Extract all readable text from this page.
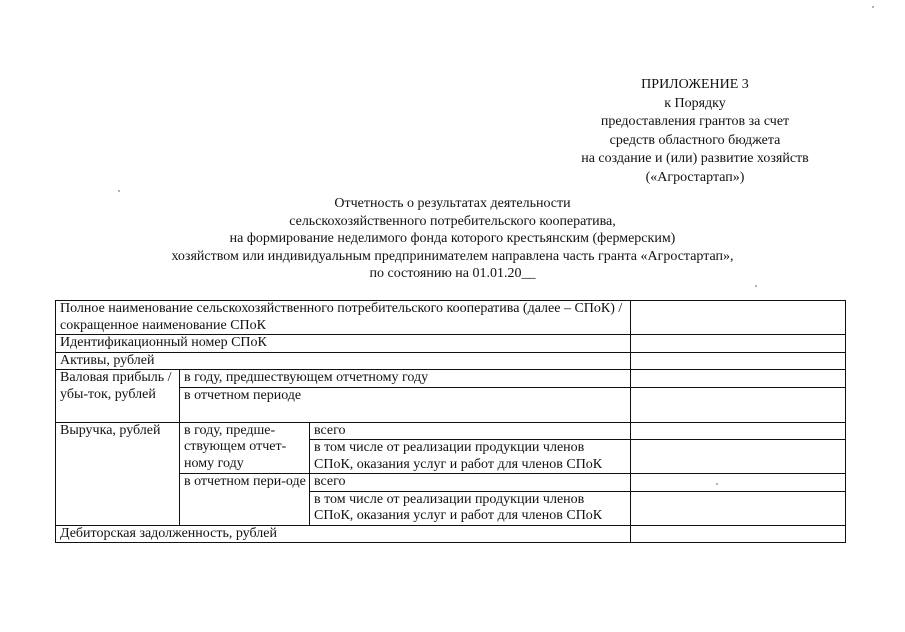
ПРИЛОЖЕНИЕ 3
к Порядку
предоставления грантов за счет
средств областного бюджета
на создание и (или) развитие хозяйств
(«Агростартап»)
Отчетность о результатах деятельности
сельскохозяйственного потребительского кооператива,
на формирование неделимого фонда которого крестьянским (фермерским)
хозяйством или индивидуальным предпринимателем направлена часть гранта «Агростартап»,
по состоянию на 01.01.20__
Полное наименование сельскохозяйственного потребительского кооператива (далее – СПоК) / сокращенное наименование СПоК			
Идентификационный номер СПоК			
Активы, рублей			
Валовая прибыль / убы-ток, рублей	в году, предшествующем отчетному году		
	в отчетном периоде		
Выручка, рублей	в году, предше-ствующем отчет-ному году	всего	
		в том числе от реализации продукции членов СПоК, оказания услуг и работ для членов СПоК	
	в отчетном пери-оде	всего	
		в том числе от реализации продукции членов СПоК, оказания услуг и работ для членов СПоК	
Дебиторская задолженность, рублей			
